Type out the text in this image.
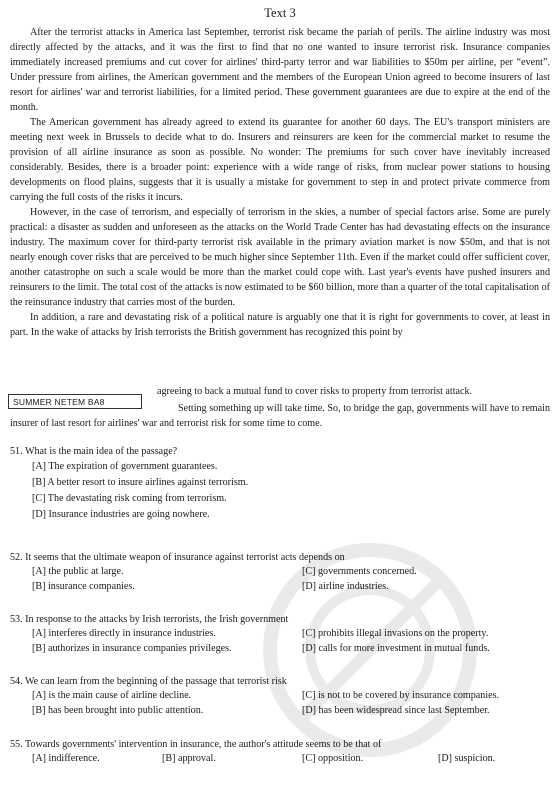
Text 3

After the terrorist attacks in America last September, terrorist risk became the pariah of perils. The airline industry was most directly affected by the attacks, and it was the first to find that no one wanted to insure terrorist risk. Insurance companies immediately increased premiums and cut cover for airlines' third-party terror and war liabilities to $50m per airline, per “event”. Under pressure from airlines, the American government and the members of the European Union agreed to become insurers of last resort for airlines' war and terrorist liabilities, for a limited period. These government guarantees are due to expire at the end of the month.

The American government has already agreed to extend its guarantee for another 60 days. The EU's transport ministers are meeting next week in Brussels to decide what to do. Insurers and reinsurers are keen for the commercial market to resume the provision of all airline insurance as soon as possible. No wonder: The premiums for such cover have inevitably increased considerably. Besides, there is a broader point: experience with a wide range of risks, from nuclear power stations to housing developments on flood plains, suggests that it is usually a mistake for government to step in and protect private commerce from carrying the full costs of the risks it incurs.

However, in the case of terrorism, and especially of terrorism in the skies, a number of special factors arise. Some are purely practical: a disaster as sudden and unforeseen as the attacks on the World Trade Center has had devastating effects on the insurance industry. The maximum cover for third-party terrorist risk available in the primary aviation market is now $50m, and that is not nearly enough cover risks that are perceived to be much higher since September 11th. Even if the market could offer sufficient cover, another catastrophe on such a scale would be more than the market could cope with. Last year's events have pushed insurers and reinsurers to the limit. The total cost of the attacks is now estimated to be $60 billion, more than a quarter of the total capitalisation of the reinsurance industry that carries most of the burden.

In addition, a rare and devastating risk of a political nature is arguably one that it is right for governments to cover, at least in part. In the wake of attacks by Irish terrorists the British government has recognized this point by

SUMMER NETEM BA8
agreeing to back a mutual fund to cover risks to property from terrorist attack.
Setting something up will take time. So, to bridge the gap, governments will have to remain insurer of last resort for airlines' war and terrorist risk for some time to come.
51. What is the main idea of the passage?
[A] The expiration of government guarantees.
[B] A better resort to insure airlines against terrorism.
[C] The devastating risk coming from terrorism.
[D] Insurance industries are going nowhere.
52. It seems that the ultimate weapon of insurance against terrorist acts depends on
[A] the public at large.	[C] governments concerned.
[B] insurance companies.	[D] airline industries.
53. In response to the attacks by Irish terrorists, the Irish government
[A] interferes directly in insurance industries.	[C] prohibits illegal invasions on the property.
[B] authorizes in insurance companies privileges.	[D] calls for more investment in mutual funds.
54. We can learn from the beginning of the passage that terrorist risk
[A] is the main cause of airline decline.	[C] is not to be covered by insurance companies.
[B] has been brought into public attention.	[D] has been widespread since last September.
55. Towards governments' intervention in insurance, the author's attitude seems to be that of
[A] indifference.	[B] approval.	[C] opposition.	[D] suspicion.
